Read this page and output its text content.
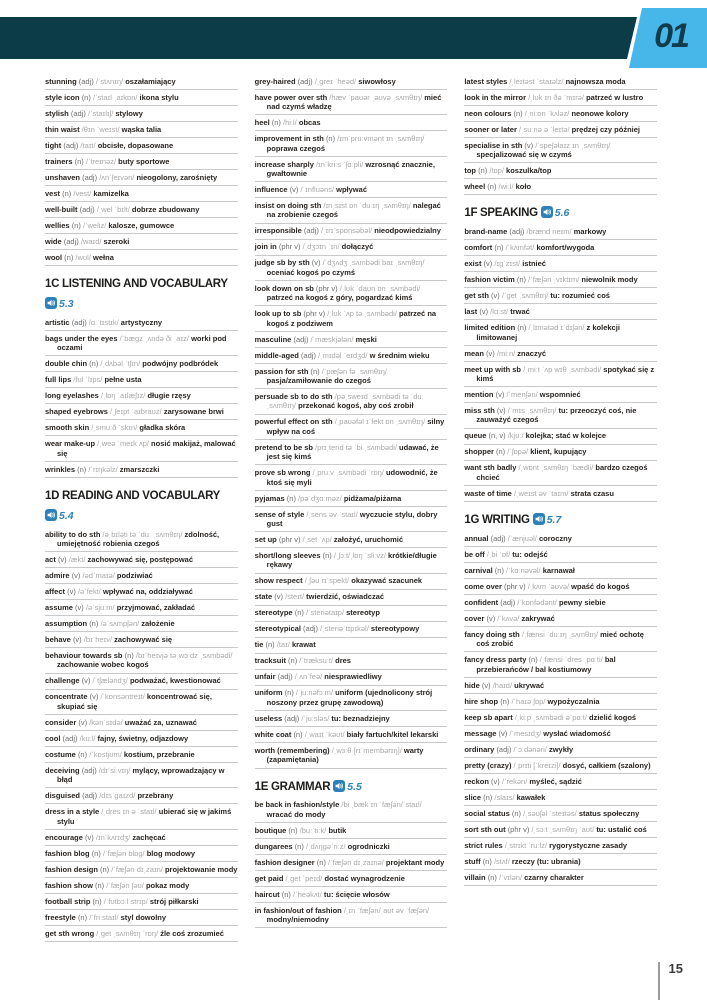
01
stunning (adj) /ˈstʌnɪŋ/ oszałamiający
style icon (n) /ˈstaɪl ˌaɪkɒn/ ikona stylu
stylish (adj) /ˈstaɪlɪʃ/ stylowy
thin waist /θɪn ˈweɪst/ wąska talia
tight (adj) /taɪt/ obcisłe, dopasowane
trainers (n) /ˈtreɪnəz/ buty sportowe
unshaven (adj) /ʌnˈʃeɪvən/ nieogolony, zarośnięty
vest (n) /vest/ kamizelka
well-built (adj) /ˌwel ˈbɪlt/ dobrze zbudowany
wellies (n) /ˈweliz/ kalosze, gumowce
wide (adj) /waɪd/ szeroki
wool (n) /wʊl/ wełna
1C LISTENING AND VOCABULARY
5.3
artistic (adj) /ɑːˈtɪstɪk/ artystyczny
bags under the eyes /ˈbæɡz ˌʌndə ði ˌaɪz/ worki pod oczami
double chin (n) /ˌdʌbəl ˈtʃɪn/ podwójny podbródek
full lips /fʊl ˈlɪps/ pełne usta
long eyelashes /ˌlɒŋ ˈaɪlæʃɪz/ długie rzęsy
shaped eyebrows /ˌʃeɪpt ˈaɪbraʊz/ zarysowane brwi
smooth skin /ˌsmuːð ˈskɪn/ gładka skóra
wear make-up /ˌweə ˈmeɪk ʌp/ nosić makijaż, malować się
wrinkles (n) /ˈrɪŋkəlz/ zmarszczki
1D READING AND VOCABULARY
5.4
ability to do sth /əˌbɪləti tə ˈduː ˌsʌmθɪŋ/ zdolność, umiejętność robienia czegoś
act (v) /ækt/ zachowywać się, postępować
admire (v) /ədˈmaɪə/ podziwiać
affect (v) /əˈfekt/ wpływać na, oddziaływać
assume (v) /əˈsjuːm/ przyjmować, zakładać
assumption (n) /əˈsʌmpʃən/ założenie
behave (v) /bɪˈheɪv/ zachowywać się
behaviour towards sb (n) /bɪˈheɪvjə təˌwɔːdz ˌsʌmbədi/ zachowanie wobec kogoś
challenge (v) /ˈtʃæləndʒ/ podważać, kwestionować
concentrate (v) /ˈkɒnsəntreɪt/ koncentrować się, skupiać się
consider (v) /kənˈsɪdə/ uważać za, uznawać
cool (adj) /kuːl/ fajny, świetny, odjazdowy
costume (n) /ˈkɒstjʊm/ kostium, przebranie
deceiving (adj) /dɪˈsiːvɪŋ/ mylący, wprowadzający w błąd
disguised (adj) /dɪsˈɡaɪzd/ przebrany
dress in a style /ˌdres ɪn ə ˈstaɪl/ ubierać się w jakimś stylu
encourage (v) /ɪnˈkʌrɪdʒ/ zachęcać
fashion blog (n) /ˈfæʃən blɒɡ/ blog modowy
fashion design (n) /ˈfæʃən dɪˌzaɪn/ projektowanie mody
fashion show (n) /ˈfæʃən ʃəʊ/ pokaz mody
football strip (n) /ˈfʊtbɔːl strɪp/ strój piłkarski
freestyle (n) /ˈfriːstaɪl/ styl dowolny
get sth wrong /ˌɡet ˌsʌmθɪŋ ˈrɒŋ/ źle coś zrozumieć
grey-haired (adj) /ˌɡreɪ ˈheəd/ siwowłosy
have power over sth /hæv ˈpaʊər ˌəʊvə ˌsʌmθɪŋ/ mieć nad czymś władzę
heel (n) /hiːl/ obcas
improvement in sth (n) /ɪmˈpruːvmənt ɪn ˌsʌmθɪŋ/ poprawa czegoś
increase sharply /ɪnˈkriːs ˈʃɑːpli/ wzrosnąć znacznie, gwałtownie
influence (v) /ˈɪnfluəns/ wpływać
insist on doing sth /ɪnˌsɪst ɒn ˈduːɪŋ ˌsʌmθɪŋ/ nalegać na zrobienie czegoś
irresponsible (adj) /ˌɪrɪˈspɒnsəbəl/ nieodpowiedzialny
join in (phr v) /ˌdʒɔɪn ˈɪn/ dołączyć
judge sb by sth (v) /ˈdʒʌdʒ ˌsʌmbədi baɪ ˌsʌmθɪŋ/ oceniać kogoś po czymś
look down on sb (phr v) /ˌlʊk ˈdaʊn ɒn ˌsʌmbədi/ patrzeć na kogoś z góry, pogardzać kimś
look up to sb (phr v) /ˌlʊk ˈʌp tə ˌsʌmbədi/ patrzeć na kogoś z podziwem
masculine (adj) /ˈmæskjələn/ męski
middle-aged (adj) /ˌmɪdəl ˈeɪdʒd/ w średnim wieku
passion for sth (n) /ˈpæʃən fə ˌsʌmθɪŋ/ pasja/zamiłowanie do czegoś
persuade sb to do sth /pəˌsweɪd ˌsʌmbədi tə ˈduː ˌsʌmθɪŋ/ przekonać kogoś, aby coś zrobił
powerful effect on sth /ˌpaʊəfəl ɪˈfekt ɒn ˌsʌmθɪŋ/ silny wpływ na coś
pretend to be sb /prɪˌtend tə ˈbi ˌsʌmbədi/ udawać, że jest się kimś
prove sb wrong /ˌpruːv ˌsʌmbədi ˈrɒŋ/ udowodnić, że ktoś się myli
pyjamas (n) /pəˈdʒɑːməz/ pidżama/piżama
sense of style /ˌsens əv ˈstaɪl/ wyczucie stylu, dobry gust
set up (phr v) /ˌset ˈʌp/ założyć, uruchomić
short/long sleeves (n) /ˌʃɔːt/ˌlɒŋ ˈsliːvz/ krótkie/długie rękawy
show respect /ˌʃəʊ rɪˈspekt/ okazywać szacunek
state (v) /steɪt/ twierdzić, oświadczać
stereotype (n) /ˈsteriətaɪp/ stereotyp
stereotypical (adj) /ˌsteriəˈtɪpɪkəl/ stereotypowy
tie (n) /taɪ/ krawat
tracksuit (n) /ˈtræksuːt/ dres
unfair (adj) /ˌʌnˈfeə/ niesprawiedliwy
uniform (n) /ˈjuːnəfɔːm/ uniform (ujednolicony strój noszony przez grupę zawodową)
useless (adj) /ˈjuːsləs/ tu: beznadziejny
white coat (n) /ˌwaɪt ˈkəʊt/ biały fartuch/kitel lekarski
worth (remembering) /ˌwɜːθ [rɪˈmembərɪŋ]/ warty (zapamiętania)
1E GRAMMAR 5.5
be back in fashion/style /bi ˌbæk ɪn ˈfæʃən/ˈstaɪl/ wracać do mody
boutique (n) /buːˈtiːk/ butik
dungarees (n) /ˌdʌŋɡəˈriːz/ ogrodniczki
fashion designer (n) /ˈfæʃən dɪˌzaɪnə/ projektant mody
get paid /ˌɡet ˈpeɪd/ dostać wynagrodzenie
haircut (n) /ˈheəkʌt/ tu: ścięcie włosów
in fashion/out of fashion /ˌɪn ˈfæʃən/ˌaʊt əv ˈfæʃən/ modny/niemodny
latest styles /ˌleɪtəst ˈstaɪəlz/ najnowsza moda
look in the mirror /ˌlʊk ɪn ðə ˈmɪrə/ patrzeć w lustro
neon colours (n) /ˌniːɒn ˈkʌləz/ neonowe kolory
sooner or later /ˌsuːnə ə ˈleɪtə/ prędzej czy później
specialise in sth (v) /ˈspeʃəlaɪz ɪn ˌsʌmθɪŋ/ specjalizować się w czymś
top (n) /tɒp/ koszulka/top
wheel (n) /wiːl/ koło
1F SPEAKING 5.6
brand-name (adj) /brænd neɪm/ markowy
comfort (n) /ˈkʌmfət/ komfort/wygoda
exist (v) /ɪɡˈzɪst/ istnieć
fashion victim (n) /ˈfæʃən ˌvɪktɪm/ niewolnik mody
get sth (v) /ˈɡet ˌsʌmθɪŋ/ tu: rozumieć coś
last (v) /lɑːst/ trwać
limited edition (n) /ˌlɪmətəd ɪˈdɪʃən/ z kolekcji limitowanej
mean (v) /miːn/ znaczyć
meet up with sb /ˌmiːt ˈʌp wɪθ ˌsʌmbədi/ spotykać się z kimś
mention (v) /ˈmenʃən/ wspomnieć
miss sth (v) /ˈmɪs ˌsʌmθɪŋ/ tu: przeoczyć coś, nie zauważyć czegoś
queue (n, v) /kjuː/ kolejka; stać w kolejce
shopper (n) /ˈʃɒpə/ klient, kupujący
want sth badly /ˌwɒnt ˌsʌmθɪŋ ˈbædli/ bardzo czegoś chcieć
waste of time /ˌweɪst əv ˈtaɪm/ strata czasu
1G WRITING 5.7
annual (adj) /ˈænjuəl/ coroczny
be off /ˌbi ˈɒf/ tu: odejść
carnival (n) /ˈkɑːnəvəl/ karnawał
come over (phr v) /ˌkʌm ˈəʊvə/ wpaść do kogoś
confident (adj) /ˈkɒnfədənt/ pewny siebie
cover (v) /ˈkʌvə/ zakrywać
fancy doing sth /ˌfænsi ˈduːɪŋ ˌsʌmθɪŋ/ mieć ochotę coś zrobić
fancy dress party (n) /ˌfænsi ˈdres ˌpɑːti/ bal przebierańców / bal kostiumowy
hide (v) /haɪd/ ukrywać
hire shop (n) /ˈhaɪə ʃɒp/ wypożyczalnia
keep sb apart /ˌkiːp ˌsʌmbədi əˈpɑːt/ dzielić kogoś
message (v) /ˈmesɪdʒ/ wysłać wiadomość
ordinary (adj) /ˈɔːdənəri/ zwykły
pretty (crazy) /ˌprɪti [ˈkreɪzi]/ dosyć, całkiem (szalony)
reckon (v) /ˈrekən/ myśleć, sądzić
slice (n) /slaɪs/ kawałek
social status (n) /ˌsəʊʃəl ˈsteɪtəs/ status społeczny
sort sth out (phr v) /ˌsɔːt ˌsʌmθɪŋ ˈaʊt/ tu: ustalić coś
strict rules /ˌstrɪkt ˈruːlz/ rygorystyczne zasady
stuff (n) /stʌf/ rzeczy (tu: ubrania)
villain (n) /ˈvɪlən/ czarny charakter
15
